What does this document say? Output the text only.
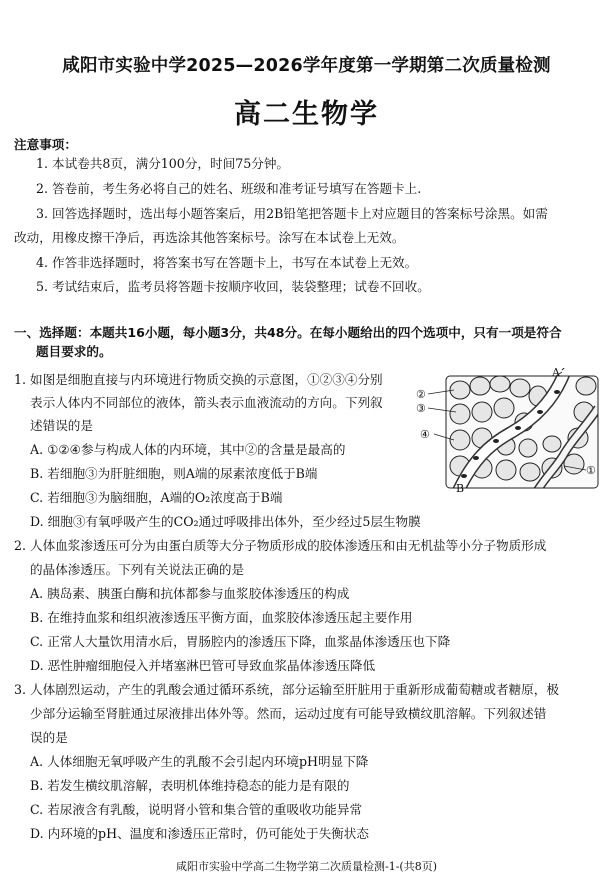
咸阳市实验中学2025—2026学年度第一学期第二次质量检测
高二生物学
注意事项：
1. 本试卷共8页，满分100分，时间75分钟。
2. 答卷前，考生务必将自己的姓名、班级和准考证号填写在答题卡上.
3. 回答选择题时，选出每小题答案后，用2B铅笔把答题卡上对应题目的答案标号涂黑。如需
改动，用橡皮擦干净后，再选涂其他答案标号。涂写在本试卷上无效。
4. 作答非选择题时，将答案书写在答题卡上，书写在本试卷上无效。
5. 考试结束后，监考员将答题卡按顺序收回，装袋整理；试卷不回收。
一、选择题：本题共16小题，每小题3分，共48分。在每小题给出的四个选项中，只有一项是符合
题目要求的。
1. 如图是细胞直接与内环境进行物质交换的示意图，①②③④分别
表示人体内不同部位的液体，箭头表示血液流动的方向。下列叙
述错误的是
A. ①②④参与构成人体的内环境，其中②的含量是最高的
B. 若细胞③为肝脏细胞，则A端的尿素浓度低于B端
C. 若细胞③为脑细胞，A端的O₂浓度高于B端
D. 细胞③有氧呼吸产生的CO₂通过呼吸排出体外，至少经过5层生物膜
A
B
②
③
④
①
2. 人体血浆渗透压可分为由蛋白质等大分子物质形成的胶体渗透压和由无机盐等小分子物质形成
的晶体渗透压。下列有关说法正确的是
A. 胰岛素、胰蛋白酶和抗体都参与血浆胶体渗透压的构成
B. 在维持血浆和组织液渗透压平衡方面，血浆胶体渗透压起主要作用
C. 正常人大量饮用清水后，胃肠腔内的渗透压下降，血浆晶体渗透压也下降
D. 恶性肿瘤细胞侵入并堵塞淋巴管可导致血浆晶体渗透压降低
3. 人体剧烈运动，产生的乳酸会通过循环系统，部分运输至肝脏用于重新形成葡萄糖或者糖原，极
少部分运输至肾脏通过尿液排出体外等。然而，运动过度有可能导致横纹肌溶解。下列叙述错
误的是
A. 人体细胞无氧呼吸产生的乳酸不会引起内环境pH明显下降
B. 若发生横纹肌溶解，表明机体维持稳态的能力是有限的
C. 若尿液含有乳酸，说明肾小管和集合管的重吸收功能异常
D. 内环境的pH、温度和渗透压正常时，仍可能处于失衡状态
咸阳市实验中学高二生物学第二次质量检测-1-(共8页)
